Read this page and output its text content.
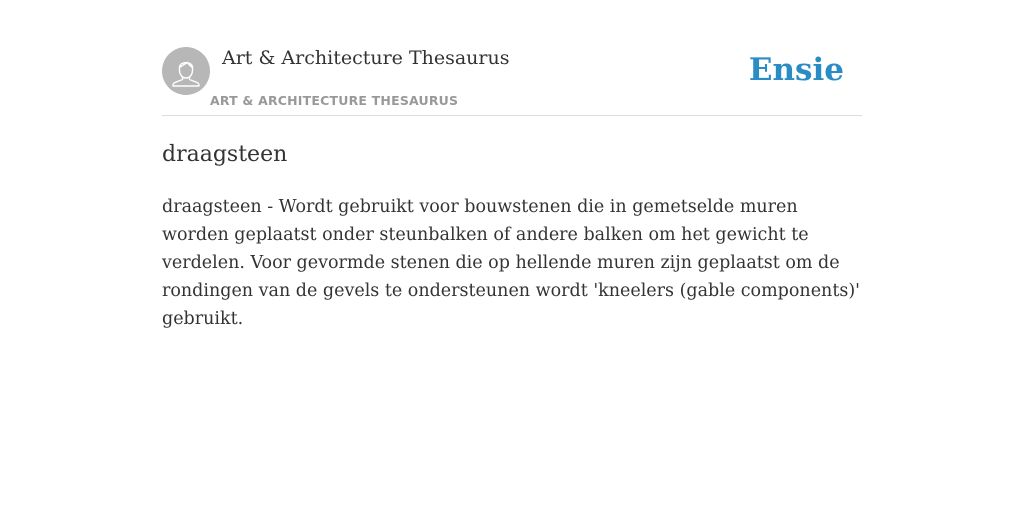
Art & Architecture Thesaurus
ART & ARCHITECTURE THESAURUS
Ensie
draagsteen

draagsteen - Wordt gebruikt voor bouwstenen die in gemetselde muren worden geplaatst onder steunbalken of andere balken om het gewicht te verdelen. Voor gevormde stenen die op hellende muren zijn geplaatst om de rondingen van de gevels te ondersteunen wordt 'kneelers (gable components)' gebruikt.
